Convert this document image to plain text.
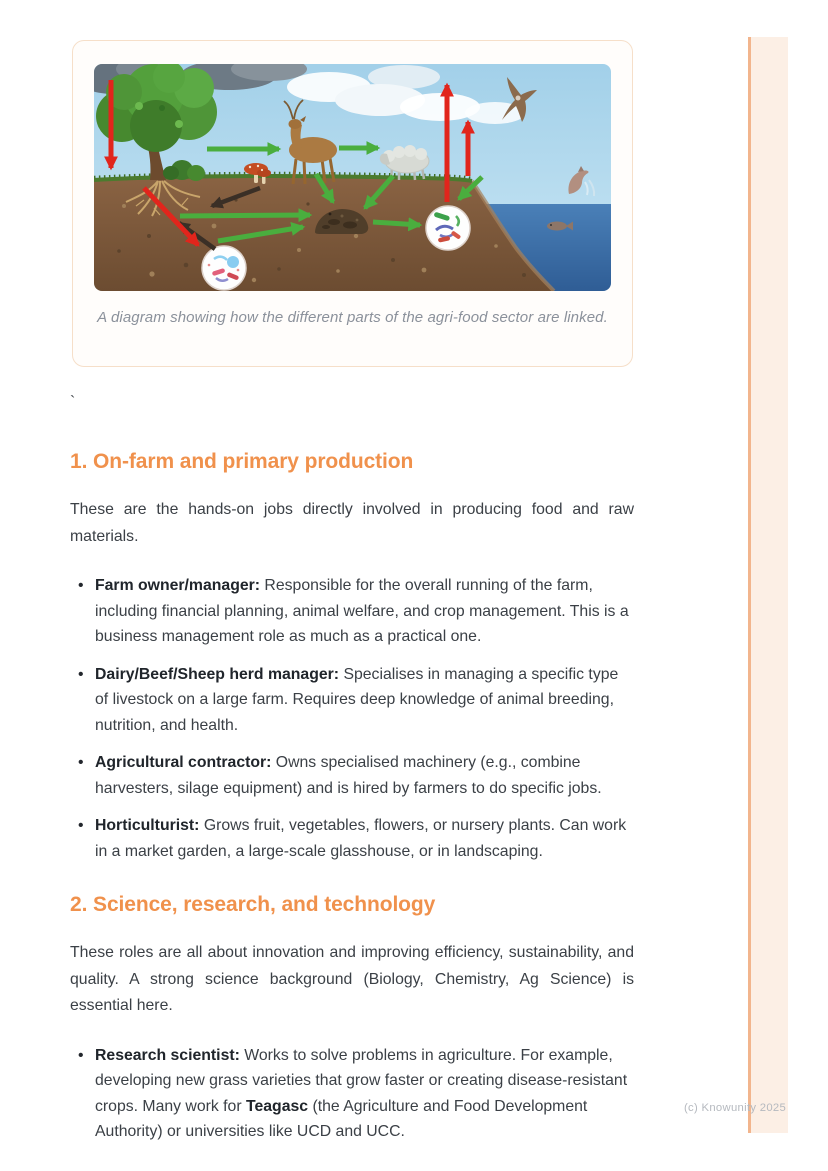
A diagram showing how the different parts of the agri-food sector are linked.
`
1. On-farm and primary production

These are the hands-on jobs directly involved in producing food and raw materials.

• Farm owner/manager: Responsible for the overall running of the farm, including financial planning, animal welfare, and crop management. This is a business management role as much as a practical one.
• Dairy/Beef/Sheep herd manager: Specialises in managing a specific type of livestock on a large farm. Requires deep knowledge of animal breeding, nutrition, and health.
• Agricultural contractor: Owns specialised machinery (e.g., combine harvesters, silage equipment) and is hired by farmers to do specific jobs.
• Horticulturist: Grows fruit, vegetables, flowers, or nursery plants. Can work in a market garden, a large-scale glasshouse, or in landscaping.
2. Science, research, and technology

These roles are all about innovation and improving efficiency, sustainability, and quality. A strong science background (Biology, Chemistry, Ag Science) is essential here.

• Research scientist: Works to solve problems in agriculture. For example, developing new grass varieties that grow faster or creating disease-resistant crops. Many work for Teagasc (the Agriculture and Food Development Authority) or universities like UCD and UCC.
(c) Knowunity 2025
